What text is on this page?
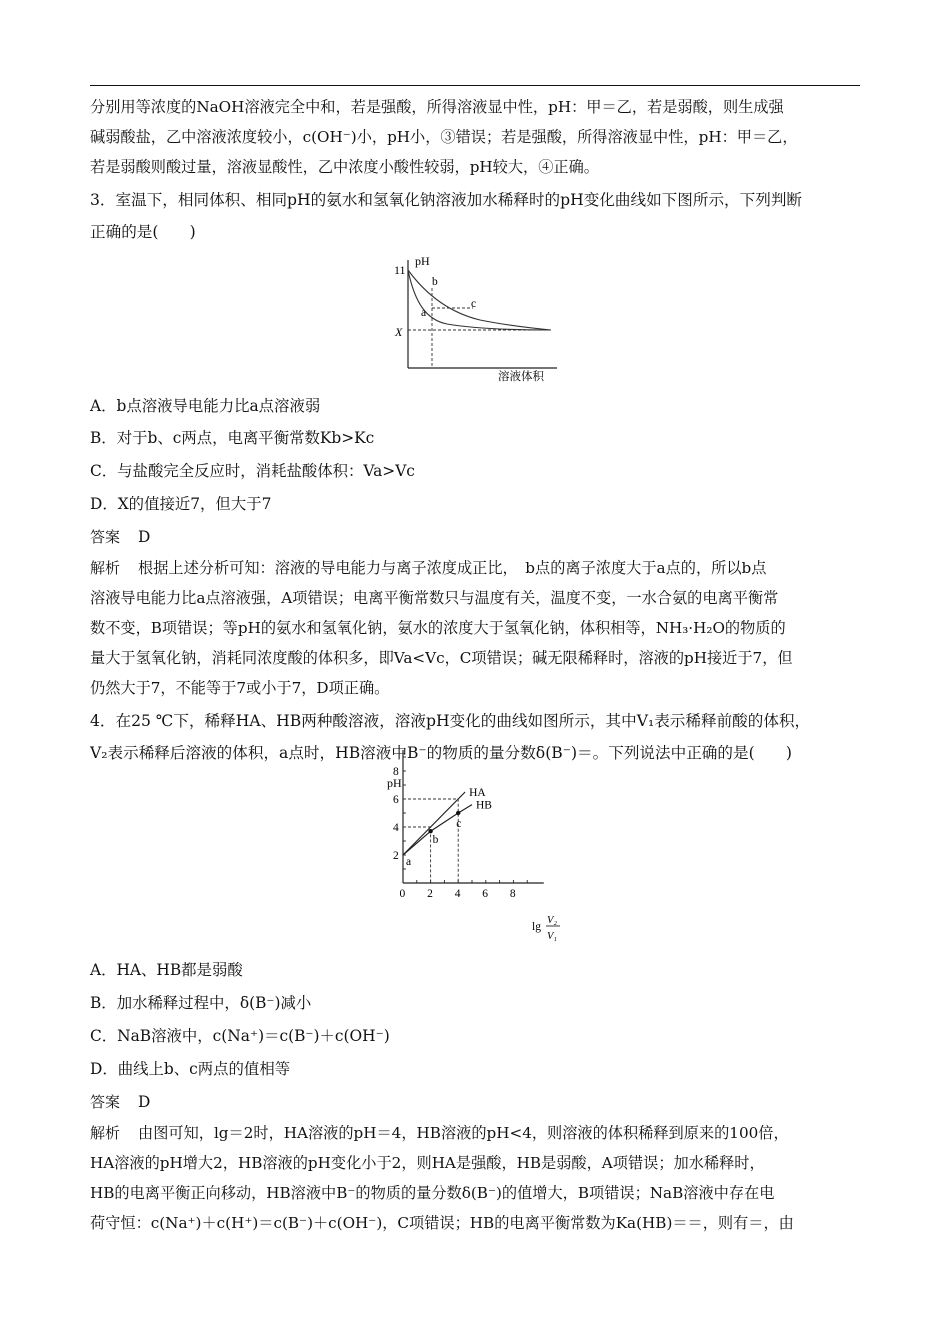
分别用等浓度的NaOH溶液完全中和，若是强酸，所得溶液显中性，pH：甲＝乙，若是弱酸，则生成强
碱弱酸盐，乙中溶液浓度较小，c(OH⁻)小，pH小，③错误；若是强酸，所得溶液显中性，pH：甲＝乙，
若是弱酸则酸过量，溶液显酸性，乙中浓度小酸性较弱，pH较大，④正确。
3．室温下，相同体积、相同pH的氨水和氢氧化钠溶液加水稀释时的pH变化曲线如下图所示，下列判断
正确的是(　　)
pH
11
X
b
a
c
溶液体积
A．b点溶液导电能力比a点溶液弱
B．对于b、c两点，电离平衡常数Kb>Kc
C．与盐酸完全反应时，消耗盐酸体积：Va>Vc
D．X的值接近7，但大于7
答案 D
解析 根据上述分析可知：溶液的导电能力与离子浓度成正比，　b点的离子浓度大于a点的，所以b点
溶液导电能力比a点溶液强，A项错误；电离平衡常数只与温度有关，温度不变，一水合氨的电离平衡常
数不变，B项错误；等pH的氨水和氢氧化钠，氨水的浓度大于氢氧化钠，体积相等，NH₃·H₂O的物质的
量大于氢氧化钠，消耗同浓度酸的体积多，即Va<Vc，C项错误；碱无限稀释时，溶液的pH接近于7，但
仍然大于7，不能等于7或小于7，D项正确。
4．在25 ℃下，稀释HA、HB两种酸溶液，溶液pH变化的曲线如图所示，其中V₁表示稀释前酸的体积，
V₂表示稀释后溶液的体积，a点时，HB溶液中B⁻的物质的量分数δ(B⁻)＝。下列说法中正确的是(　　)
pH
lg
V₂
V₁
0 2 4 6 8
2
4
6
8
HA
HB
a
b
c
A．HA、HB都是弱酸
B．加水稀释过程中，δ(B⁻)减小
C．NaB溶液中，c(Na⁺)＝c(B⁻)＋c(OH⁻)
D．曲线上b、c两点的值相等
答案 D
解析 由图可知，lg＝2时，HA溶液的pH＝4，HB溶液的pH<4，则溶液的体积稀释到原来的100倍，
HA溶液的pH增大2，HB溶液的pH变化小于2，则HA是强酸，HB是弱酸，A项错误；加水稀释时，
HB的电离平衡正向移动，HB溶液中B⁻的物质的量分数δ(B⁻)的值增大，B项错误；NaB溶液中存在电
荷守恒：c(Na⁺)＋c(H⁺)＝c(B⁻)＋c(OH⁻)，C项错误；HB的电离平衡常数为Ka(HB)＝＝，则有＝，由
